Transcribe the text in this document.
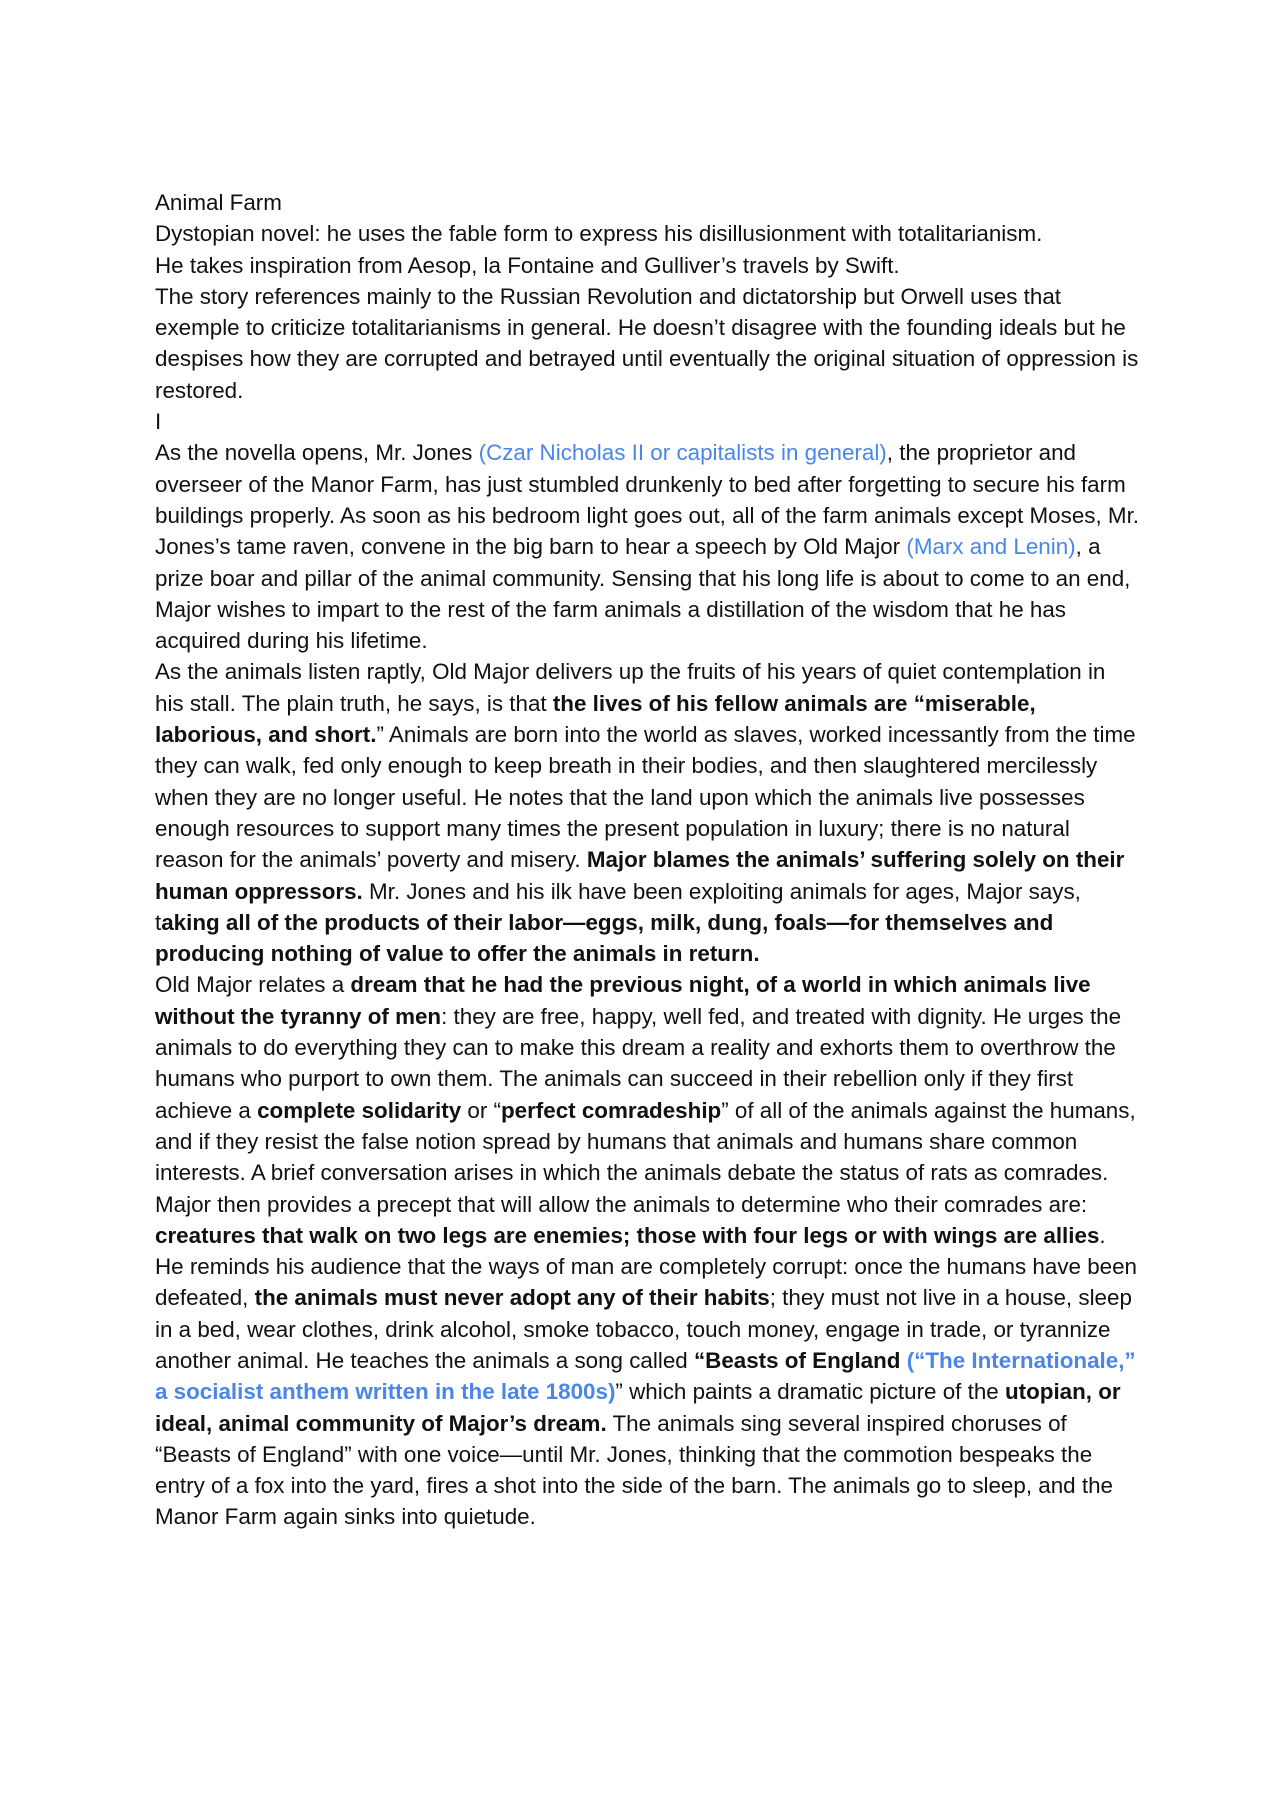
Animal Farm

Dystopian novel: he uses the fable form to express his disillusionment with totalitarianism.

He takes inspiration from Aesop, la Fontaine and Gulliver’s travels by Swift.

The story references mainly to the Russian Revolution and dictatorship but Orwell uses that exemple to criticize totalitarianisms in general. He doesn’t disagree with the founding ideals but he despises how they are corrupted and betrayed until eventually the original situation of oppression is restored.

I

As the novella opens, Mr. Jones (Czar Nicholas II or capitalists in general), the proprietor and overseer of the Manor Farm, has just stumbled drunkenly to bed after forgetting to secure his farm buildings properly. As soon as his bedroom light goes out, all of the farm animals except Moses, Mr. Jones’s tame raven, convene in the big barn to hear a speech by Old Major (Marx and Lenin), a prize boar and pillar of the animal community. Sensing that his long life is about to come to an end, Major wishes to impart to the rest of the farm animals a distillation of the wisdom that he has acquired during his lifetime.

As the animals listen raptly, Old Major delivers up the fruits of his years of quiet contemplation in his stall. The plain truth, he says, is that the lives of his fellow animals are “miserable, laborious, and short.” Animals are born into the world as slaves, worked incessantly from the time they can walk, fed only enough to keep breath in their bodies, and then slaughtered mercilessly when they are no longer useful. He notes that the land upon which the animals live possesses enough resources to support many times the present population in luxury; there is no natural reason for the animals’ poverty and misery. Major blames the animals’ suffering solely on their human oppressors. Mr. Jones and his ilk have been exploiting animals for ages, Major says, taking all of the products of their labor—eggs, milk, dung, foals—for themselves and producing nothing of value to offer the animals in return.

Old Major relates a dream that he had the previous night, of a world in which animals live without the tyranny of men: they are free, happy, well fed, and treated with dignity. He urges the animals to do everything they can to make this dream a reality and exhorts them to overthrow the humans who purport to own them. The animals can succeed in their rebellion only if they first achieve a complete solidarity or “perfect comradeship” of all of the animals against the humans, and if they resist the false notion spread by humans that animals and humans share common interests. A brief conversation arises in which the animals debate the status of rats as comrades.

Major then provides a precept that will allow the animals to determine who their comrades are: creatures that walk on two legs are enemies; those with four legs or with wings are allies. He reminds his audience that the ways of man are completely corrupt: once the humans have been defeated, the animals must never adopt any of their habits; they must not live in a house, sleep in a bed, wear clothes, drink alcohol, smoke tobacco, touch money, engage in trade, or tyrannize another animal. He teaches the animals a song called “Beasts of England (“The Internationale,” a socialist anthem written in the late 1800s)” which paints a dramatic picture of the utopian, or ideal, animal community of Major’s dream. The animals sing several inspired choruses of “Beasts of England” with one voice—until Mr. Jones, thinking that the commotion bespeaks the entry of a fox into the yard, fires a shot into the side of the barn. The animals go to sleep, and the Manor Farm again sinks into quietude.
